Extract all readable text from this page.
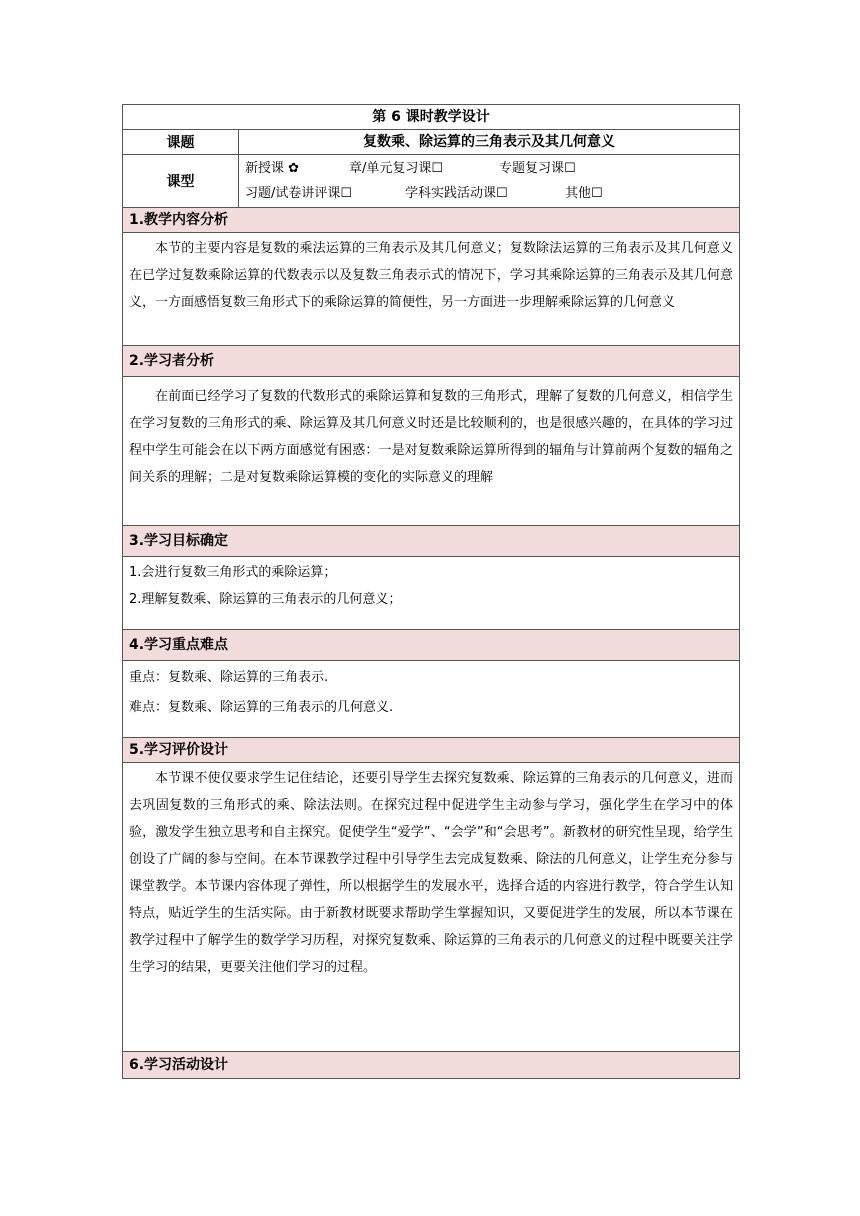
第 6 课时教学设计	
课题	复数乘、除运算的三角表示及其几何意义
课型	新授课 ✿ 章/单元复习课☐ 专题复习课☐
习题/试卷讲评课☐ 学科实践活动课☐ 其他☐

1.教学内容分析	

本节的主要内容是复数的乘法运算的三角表示及其几何意义；复数除法运算的三角表示及其几何意义 在已学过复数乘除运算的代数表示以及复数三角表示式的情况下，学习其乘除运算的三角表示及其几何意义，一方面感悟复数三角形式下的乘除运算的简便性，另一方面进一步理解乘除运算的几何意义	

2.学习者分析	

在前面已经学习了复数的代数形式的乘除运算和复数的三角形式，理解了复数的几何意义，相信学生在学习复数的三角形式的乘、除运算及其几何意义时还是比较顺利的，也是很感兴趣的，在具体的学习过程中学生可能会在以下两方面感觉有困惑：一是对复数乘除运算所得到的辐角与计算前两个复数的辐角之间关系的理解；二是对复数乘除运算模的变化的实际意义的理解	

3.学习目标确定	

1.会进行复数三角形式的乘除运算；

2.理解复数乘、除运算的三角表示的几何意义；	

4.学习重点难点	

重点：复数乘、除运算的三角表示.

难点：复数乘、除运算的三角表示的几何意义.	

5.学习评价设计	

本节课不使仅要求学生记住结论，还要引导学生去探究复数乘、除运算的三角表示的几何意义，进而去巩固复数的三角形式的乘、除法法则。在探究过程中促进学生主动参与学习，强化学生在学习中的体验，激发学生独立思考和自主探究。促使学生“爱学”、“会学”和“会思考”。新教材的研究性呈现，给学生创设了广阔的参与空间。在本节课教学过程中引导学生去完成复数乘、除法的几何意义，让学生充分参与课堂教学。本节课内容体现了弹性，所以根据学生的发展水平，选择合适的内容进行教学，符合学生认知特点，贴近学生的生活实际。由于新教材既要求帮助学生掌握知识，又要促进学生的发展，所以本节课在教学过程中了解学生的数学学习历程，对探究复数乘、除运算的三角表示的几何意义的过程中既要关注学生学习的结果，更要关注他们学习的过程。	

6.学习活动设计	
